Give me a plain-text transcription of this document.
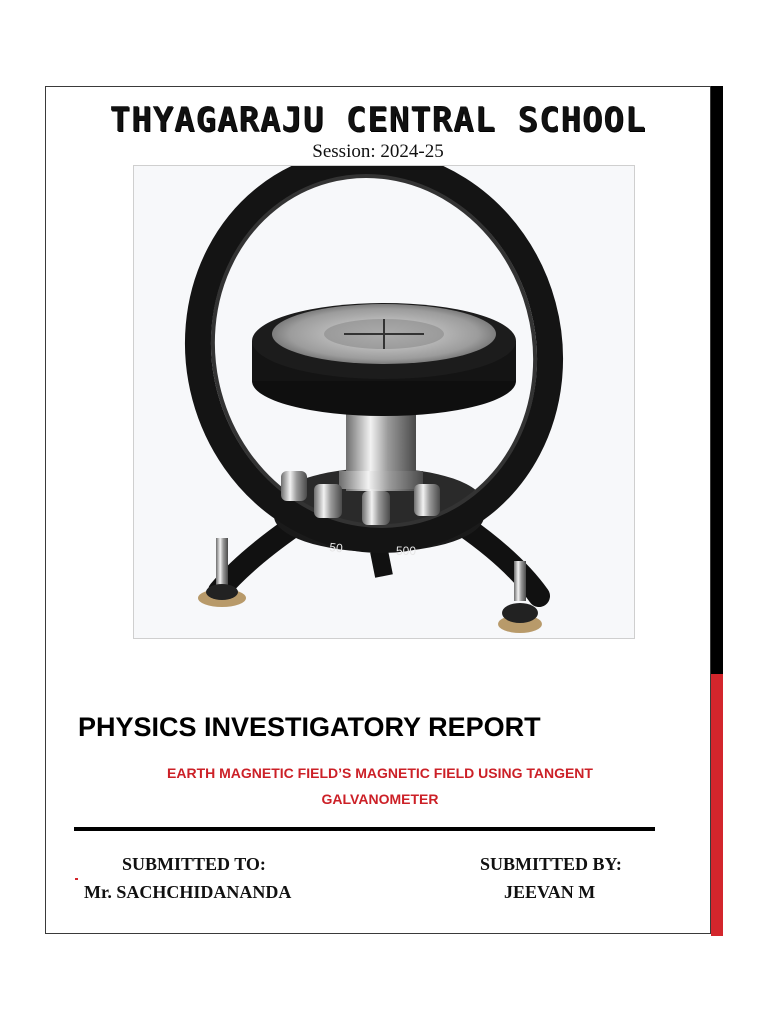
THYAGARAJU CENTRAL SCHOOL
Session: 2024-25
50	500
PHYSICS INVESTIGATORY REPORT
EARTH MAGNETIC FIELD’S MAGNETIC FIELD USING TANGENT
GALVANOMETER
SUBMITTED TO:
Mr. SACHCHIDANANDA
SUBMITTED BY:
JEEVAN M
